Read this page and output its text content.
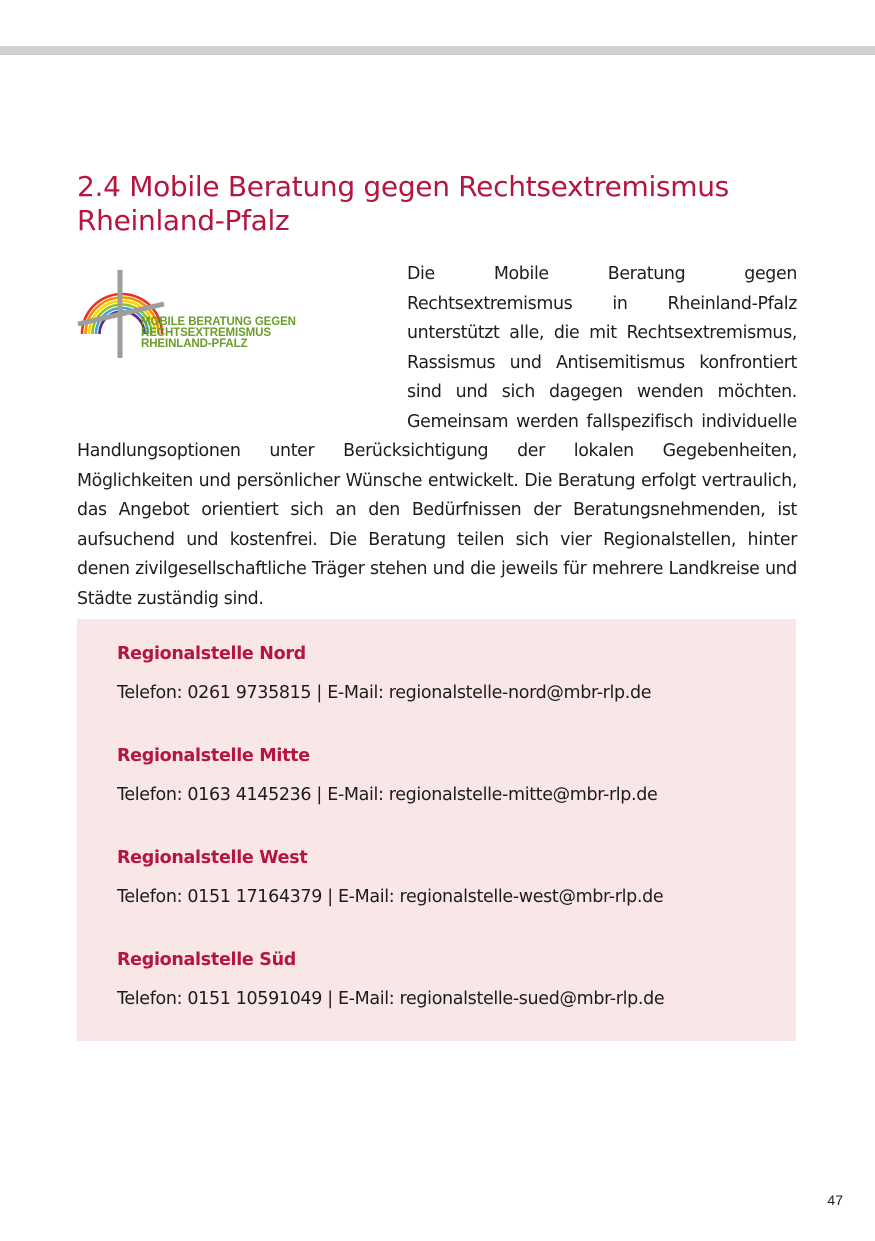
2.4 Mobile Beratung gegen Rechtsextremismus Rheinland-Pfalz
MOBILE BERATUNG GEGEN
RECHTSEXTREMISMUS
RHEINLAND-PFALZ

Die Mobile Beratung gegen Rechtsextremismus in Rheinland-Pfalz unterstützt alle, die mit Rechtsextremismus, Rassismus und Antisemitismus konfrontiert sind und sich dagegen wenden möchten. Gemeinsam werden fallspezifisch individuelle Handlungsoptionen unter Berücksichtigung der lokalen Gegebenheiten, Möglichkeiten und persönlicher Wünsche entwickelt. Die Beratung erfolgt vertraulich, das Angebot orientiert sich an den Bedürfnissen der Beratungsnehmenden, ist aufsuchend und kostenfrei. Die Beratung teilen sich vier Regionalstellen, hinter denen zivilgesellschaftliche Träger stehen und die jeweils für mehrere Landkreise und Städte zuständig sind.

Regionalstelle Nord
Telefon: 0261 9735815 | E-Mail: regionalstelle-nord@mbr-rlp.de
Regionalstelle Mitte
Telefon: 0163 4145236 | E-Mail: regionalstelle-mitte@mbr-rlp.de
Regionalstelle West
Telefon: 0151 17164379 | E-Mail: regionalstelle-west@mbr-rlp.de
Regionalstelle Süd
Telefon: 0151 10591049 | E-Mail: regionalstelle-sued@mbr-rlp.de
47
